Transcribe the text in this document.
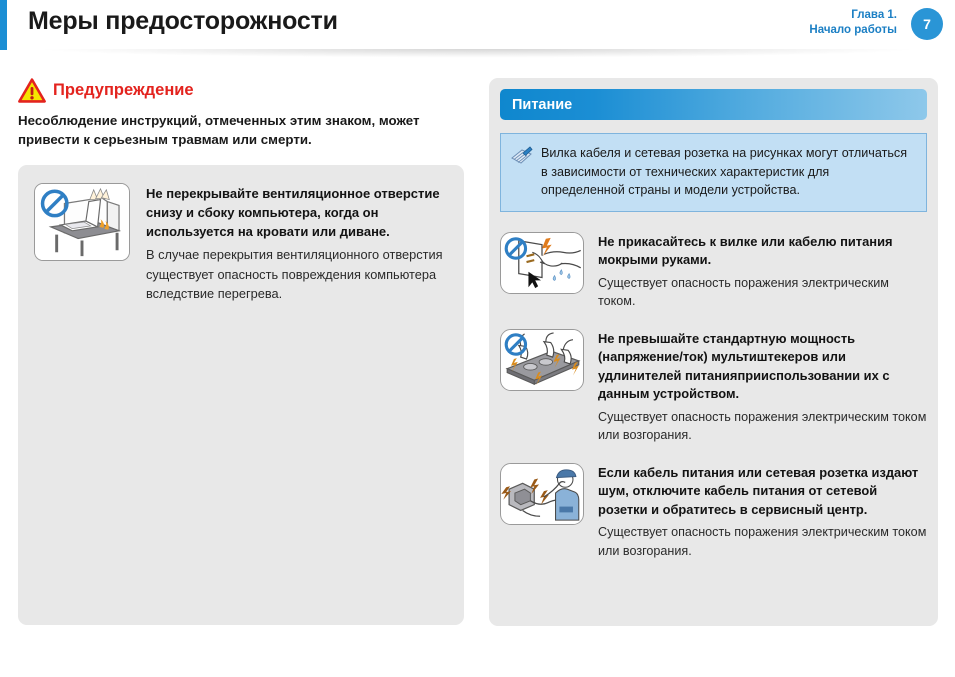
Меры предосторожности	Глава 1.
Начало работы	7
Предупреждение
Несоблюдение инструкций, отмеченных этим знаком, может привести к серьезным травмам или смерти.
Не перекрывайте вентиляционное отверстие снизу и сбоку компьютера, когда он используется на кровати или диване.
В случае перекрытия вентиляционного отверстия существует опасность повреждения компьютера вследствие перегрева.
Питание
Вилка кабеля и сетевая розетка на рисунках могут отличаться в зависимости от технических характеристик для определенной страны и модели устройства.
Не прикасайтесь к вилке или кабелю питания мокрыми руками.
Существует опасность поражения электрическим током.
Не превышайте стандартную мощность (напряжение/ток) мультиштекеров или удлинителей питанияприиспользовании их с данным устройством.
Существует опасность поражения электрическим током или возгорания.
Если кабель питания или сетевая розетка издают шум, отключите кабель питания от сетевой розетки и обратитесь в сервисный центр.
Существует опасность поражения электрическим током или возгорания.
